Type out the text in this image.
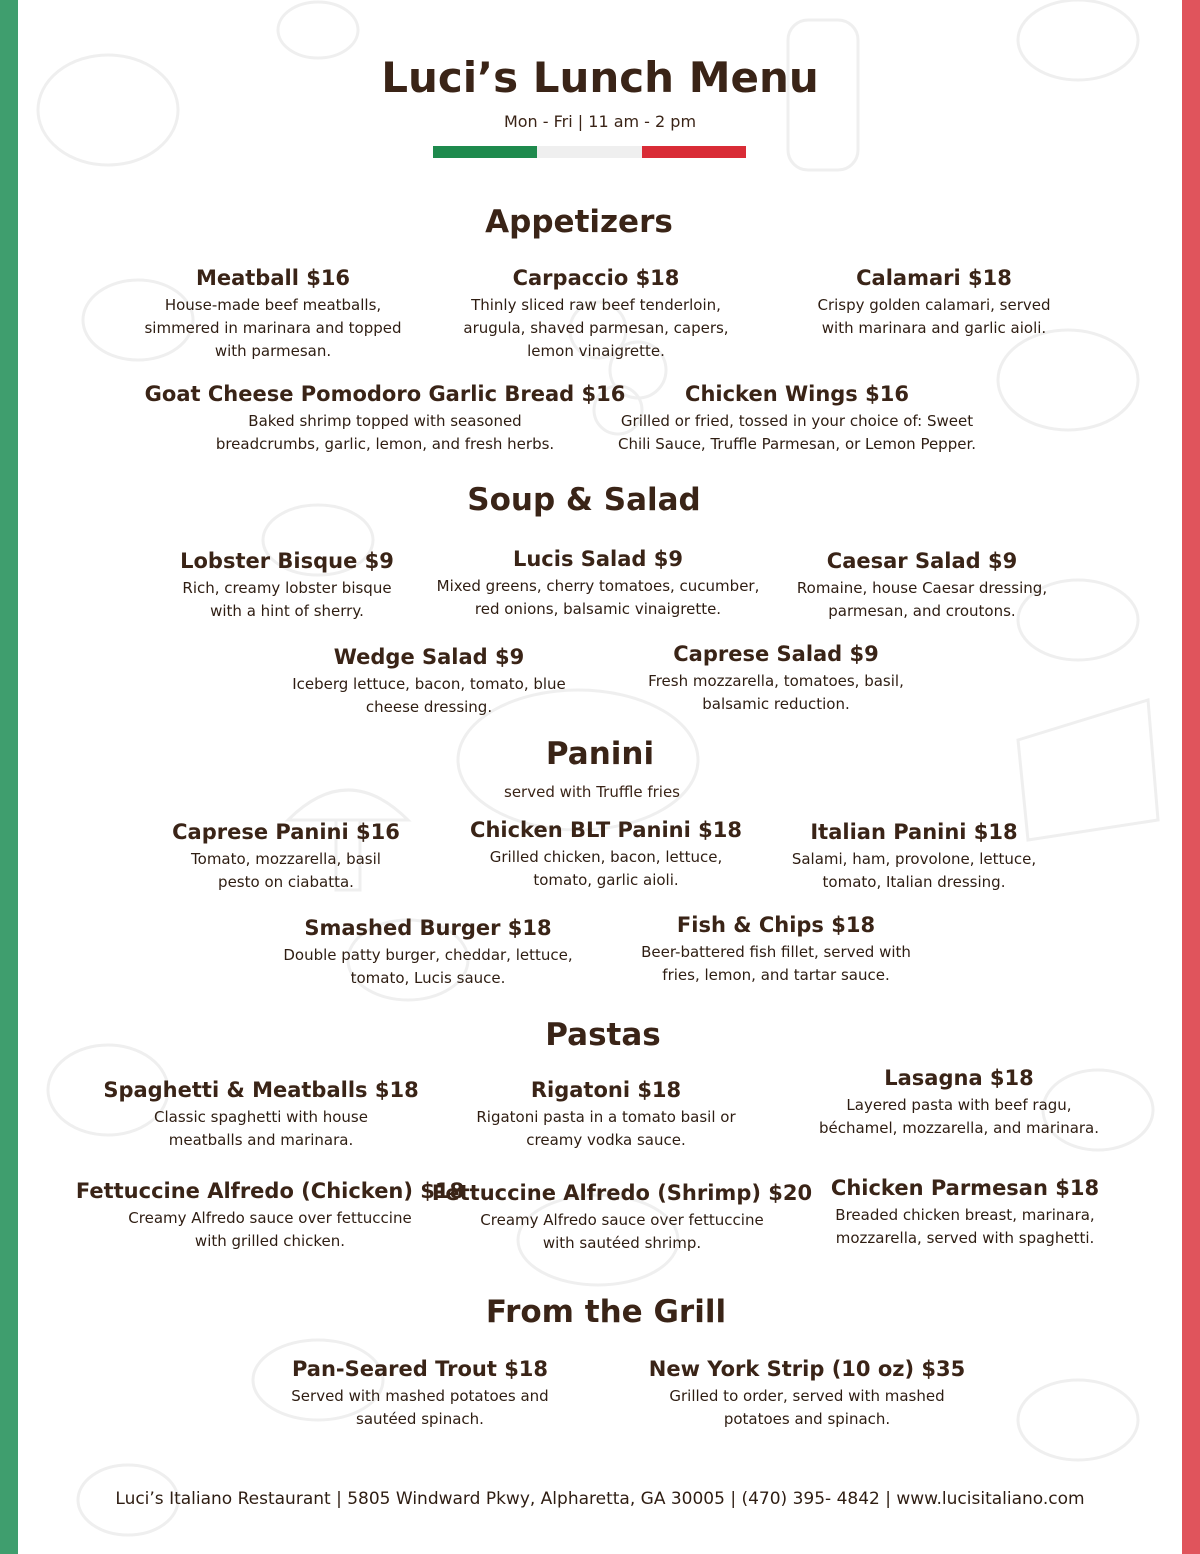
Luci’s Lunch Menu
Mon - Fri | 11 am - 2 pm
Appetizers
Meatball $16
House-made beef meatballs,
simmered in marinara and topped
with parmesan.
Carpaccio $18
Thinly sliced raw beef tenderloin,
arugula, shaved parmesan, capers,
lemon vinaigrette.
Calamari $18
Crispy golden calamari, served
with marinara and garlic aioli.
Goat Cheese Pomodoro Garlic Bread $16
Baked shrimp topped with seasoned
breadcrumbs, garlic, lemon, and fresh herbs.
Chicken Wings $16
Grilled or fried, tossed in your choice of: Sweet
Chili Sauce, Truffle Parmesan, or Lemon Pepper.
Soup & Salad
Lobster Bisque $9
Rich, creamy lobster bisque
with a hint of sherry.
Lucis Salad $9
Mixed greens, cherry tomatoes, cucumber,
red onions, balsamic vinaigrette.
Caesar Salad $9
Romaine, house Caesar dressing,
parmesan, and croutons.
Wedge Salad $9
Iceberg lettuce, bacon, tomato, blue
cheese dressing.
Caprese Salad $9
Fresh mozzarella, tomatoes, basil,
balsamic reduction.
Panini
served with Truffle fries
Caprese Panini $16
Tomato, mozzarella, basil
pesto on ciabatta.
Chicken BLT Panini $18
Grilled chicken, bacon, lettuce,
tomato, garlic aioli.
Italian Panini $18
Salami, ham, provolone, lettuce,
tomato, Italian dressing.
Smashed Burger $18
Double patty burger, cheddar, lettuce,
tomato, Lucis sauce.
Fish & Chips $18
Beer-battered fish fillet, served with
fries, lemon, and tartar sauce.
Pastas
Spaghetti & Meatballs $18
Classic spaghetti with house
meatballs and marinara.
Rigatoni $18
Rigatoni pasta in a tomato basil or
creamy vodka sauce.
Lasagna $18
Layered pasta with beef ragu,
béchamel, mozzarella, and marinara.
Fettuccine Alfredo (Chicken) $18
Creamy Alfredo sauce over fettuccine
with grilled chicken.
Fettuccine Alfredo (Shrimp) $20
Creamy Alfredo sauce over fettuccine
with sautéed shrimp.
Chicken Parmesan $18
Breaded chicken breast, marinara,
mozzarella, served with spaghetti.
From the Grill
Pan-Seared Trout $18
Served with mashed potatoes and
sautéed spinach.
New York Strip (10 oz) $35
Grilled to order, served with mashed
potatoes and spinach.
Luci’s Italiano Restaurant | 5805 Windward Pkwy, Alpharetta, GA 30005 | (470) 395- 4842 | www.lucisitaliano.com
